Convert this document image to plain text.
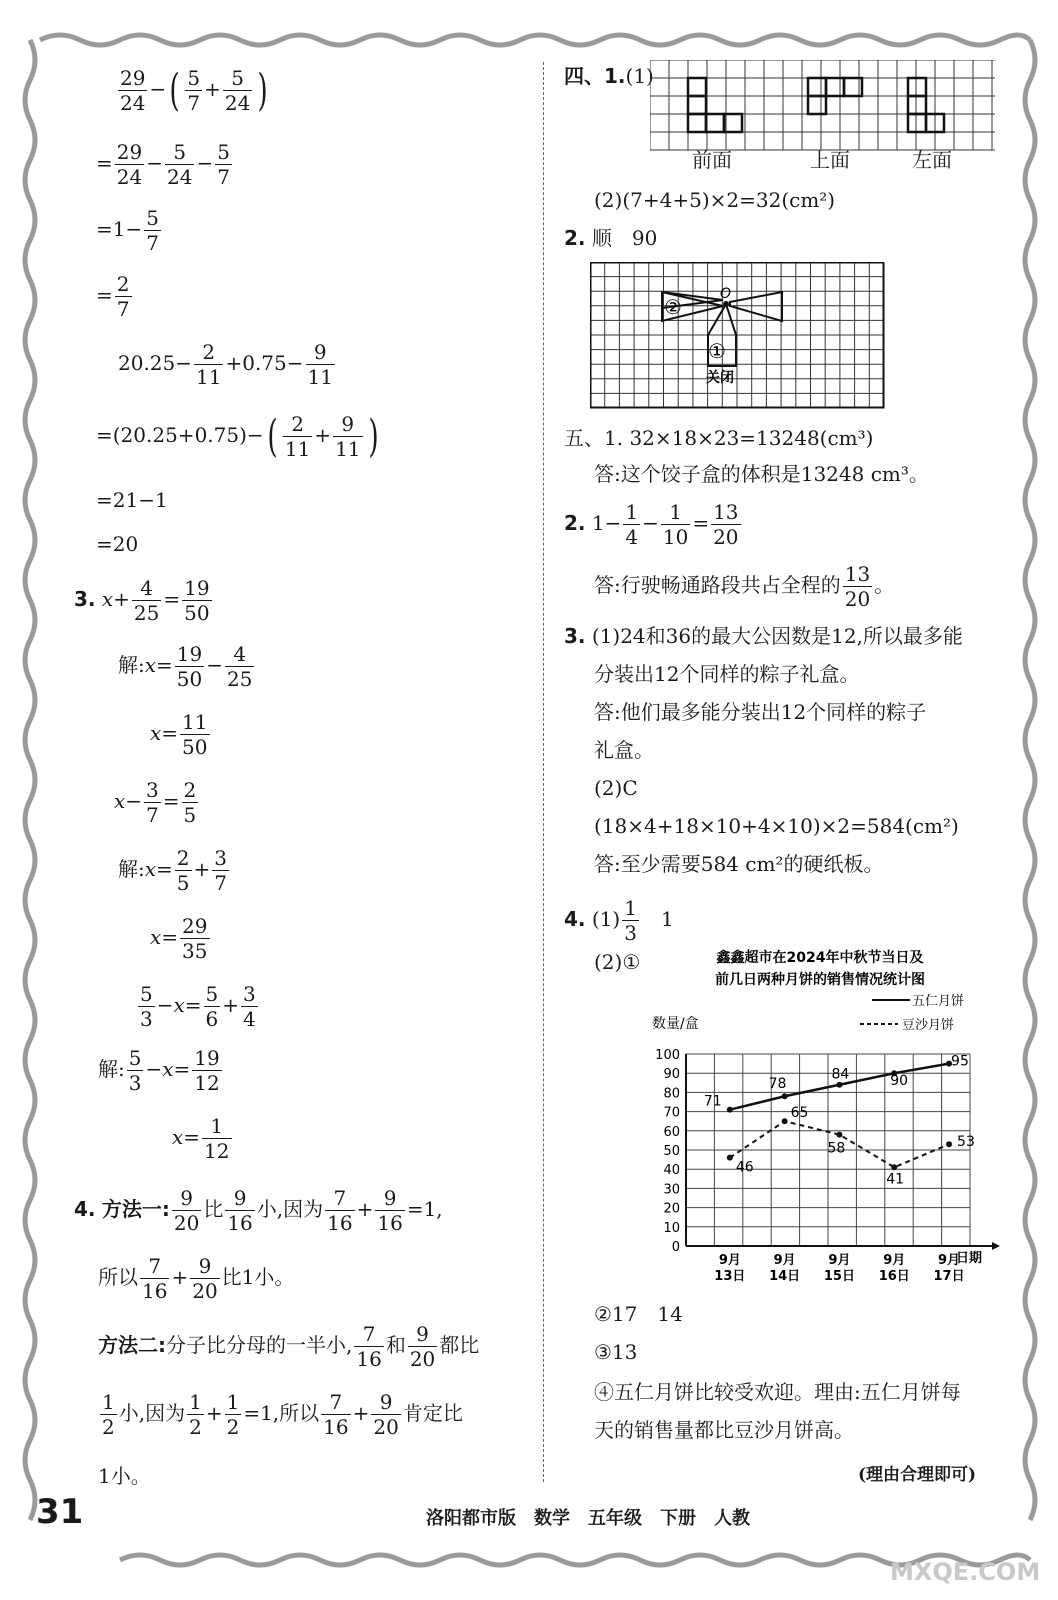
$\frac{29}{24}$ −( $\frac{5}{7} + \frac{5}{24}$ )
= $\frac{29}{24} - \frac{5}{24} - \frac{5}{7}$
$=1- \frac{5}{7}$
= $\frac{2}{7}$
$20.25- \frac{2}{11} +0.75- \frac{9}{11}$
$=(20.25+0.75)-( \frac{2}{11} + \frac{9}{11}$ )
=21−1
=20
3. $x+ \frac{4}{25} = \frac{19}{50}$
解:x= $\frac{19}{50} - \frac{4}{25}$
$x= \frac{11}{50}$
$x- \frac{3}{7} = \frac{2}{5}$
解:x= $\frac{2}{5} + \frac{3}{7}$
$x= \frac{29}{35}$
$\frac{5}{3} -x= \frac{5}{6} + \frac{3}{4}$
解: $\frac{5}{3} -x= \frac{19}{12}$
$x= \frac{1}{12}$
4. 方法一: $\frac{9}{20}$ 比 $\frac{9}{16}$ 小,因为 $\frac{7}{16} + \frac{9}{16} =1$,
所以 $\frac{7}{16} + \frac{9}{20}$ 比1小。
方法二:分子比分母的一半小, $\frac{7}{16}$ 和 $\frac{9}{20}$ 都比
$\frac{1}{2}$ 小,因为 $\frac{1}{2} + \frac{1}{2} =1$,所以 $\frac{7}{16} + \frac{9}{20}$ 肯定比
1小。
四、1.(1)
前面	上面	左面
(2)(7+4+5)×2=32(cm²)
2. 顺　90
O
②
①
关闭
五、1. 32×18×23=13248(cm³)
答:这个饺子盒的体积是13248 cm³。
2. $1- \frac{1}{4} - \frac{1}{10} = \frac{13}{20}$
答:行驶畅通路段共占全程的 $\frac{13}{20}$ 。
3. (1)24和36的最大公因数是12,所以最多能
分装出12个同样的粽子礼盒。
答:他们最多能分装出12个同样的粽子
礼盒。
(2)C
(18×4+18×10+4×10)×2=584(cm²)
答:至少需要584 cm²的硬纸板。
4. $(1) \frac{1}{3}$
　 1
(2)①	鑫鑫超市在2024年中秋节当日及
前几日两种月饼的销售情况统计图
五仁月饼
豆沙月饼
数量/盒
日期
0
10
20
30
40
50
60
70
80
90
100
9月
13日
9月
14日
9月
15日
9月
16日
9月
17日
71
78
84	90
95
46
65
58
41
53
②17　14
③13
④五仁月饼比较受欢迎。理由:五仁月饼每
天的销售量都比豆沙月饼高。
(理由合理即可)
31	洛阳都市版　数学　五年级　下册　人教
MXQE.COM
